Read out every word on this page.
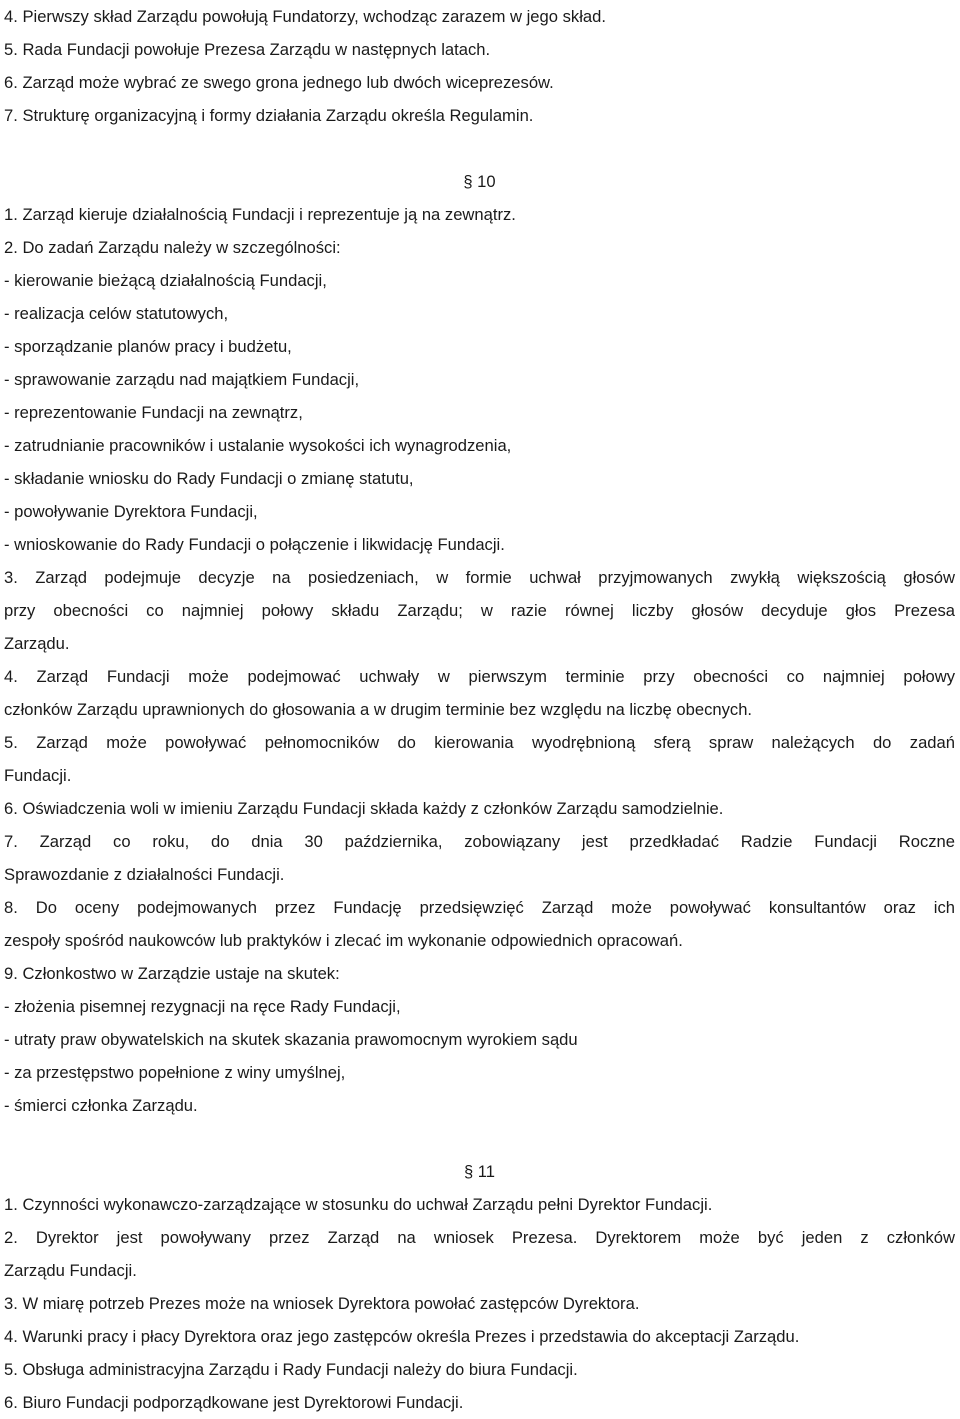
4. Pierwszy skład Zarządu powołują Fundatorzy, wchodząc zarazem w jego skład.
5. Rada Fundacji powołuje Prezesa Zarządu w następnych latach.
6. Zarząd może wybrać ze swego grona jednego lub dwóch wiceprezesów.
7. Strukturę organizacyjną i formy działania Zarządu określa Regulamin.
§ 10
1. Zarząd kieruje działalnością Fundacji i reprezentuje ją na zewnątrz.
2. Do zadań Zarządu należy w szczególności:
- kierowanie bieżącą działalnością Fundacji,
- realizacja celów statutowych,
- sporządzanie planów pracy i budżetu,
- sprawowanie zarządu nad majątkiem Fundacji,
- reprezentowanie Fundacji na zewnątrz,
- zatrudnianie pracowników i ustalanie wysokości ich wynagrodzenia,
- składanie wniosku do Rady Fundacji o zmianę statutu,
- powoływanie Dyrektora Fundacji,
- wnioskowanie do Rady Fundacji o połączenie i likwidację Fundacji.
3. Zarząd podejmuje decyzje na posiedzeniach, w formie uchwał przyjmowanych zwykłą większością głosów
przy obecności co najmniej połowy składu Zarządu; w razie równej liczby głosów decyduje głos Prezesa
Zarządu.
4. Zarząd Fundacji może podejmować uchwały w pierwszym terminie przy obecności co najmniej połowy
członków Zarządu uprawnionych do głosowania a w drugim terminie bez względu na liczbę obecnych.
5. Zarząd może powoływać pełnomocników do kierowania wyodrębnioną sferą spraw należących do zadań
Fundacji.
6. Oświadczenia woli w imieniu Zarządu Fundacji składa każdy z członków Zarządu samodzielnie.
7. Zarząd co roku, do dnia 30 października, zobowiązany jest przedkładać Radzie Fundacji Roczne
Sprawozdanie z działalności Fundacji.
8. Do oceny podejmowanych przez Fundację przedsięwzięć Zarząd może powoływać konsultantów oraz ich
zespoły spośród naukowców lub praktyków i zlecać im wykonanie odpowiednich opracowań.
9. Członkostwo w Zarządzie ustaje na skutek:
- złożenia pisemnej rezygnacji na ręce Rady Fundacji,
- utraty praw obywatelskich na skutek skazania prawomocnym wyrokiem sądu
- za przestępstwo popełnione z winy umyślnej,
- śmierci członka Zarządu.
§ 11
1. Czynności wykonawczo-zarządzające w stosunku do uchwał Zarządu pełni Dyrektor Fundacji.
2. Dyrektor jest powoływany przez Zarząd na wniosek Prezesa. Dyrektorem może być jeden z członków
Zarządu Fundacji.
3. W miarę potrzeb Prezes może na wniosek Dyrektora powołać zastępców Dyrektora.
4. Warunki pracy i płacy Dyrektora oraz jego zastępców określa Prezes i przedstawia do akceptacji Zarządu.
5. Obsługa administracyjna Zarządu i Rady Fundacji należy do biura Fundacji.
6. Biuro Fundacji podporządkowane jest Dyrektorowi Fundacji.
